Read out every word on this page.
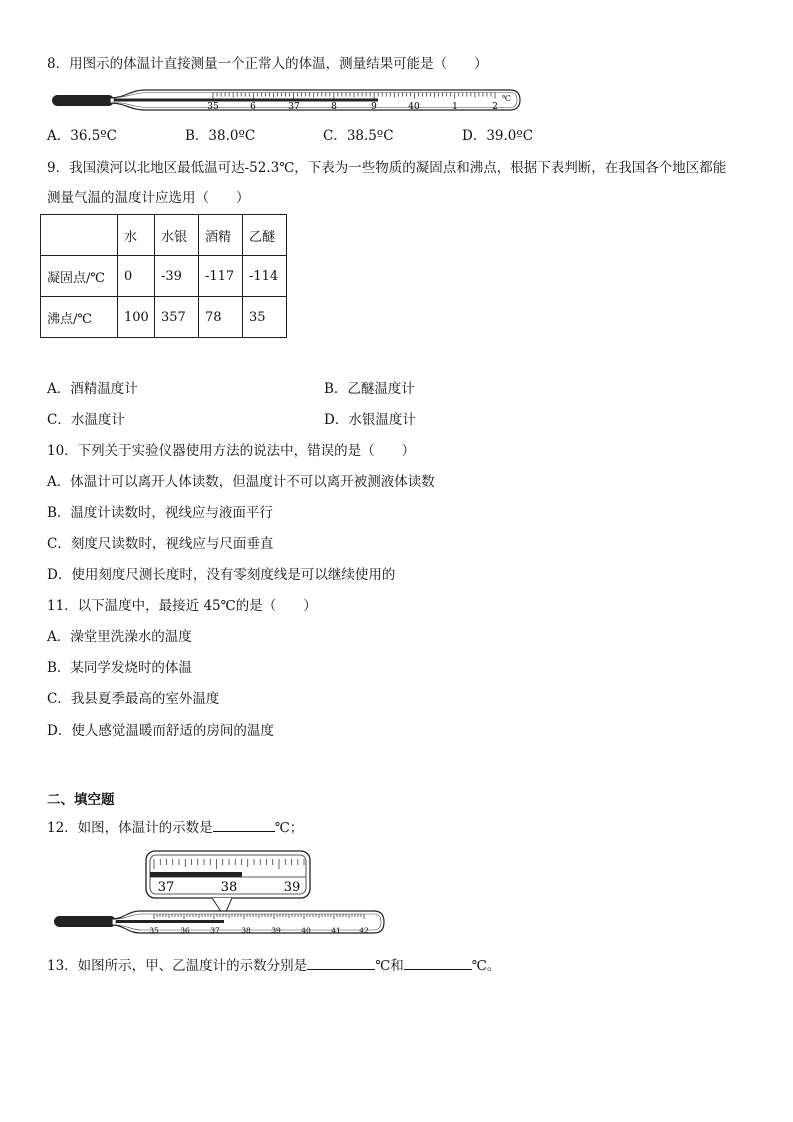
8．用图示的体温计直接测量一个正常人的体温，测量结果可能是（　　）
35	6	37	8	9	40	1	2
℃
A．36.5ºC	B．38.0ºC	C．38.5ºC	D．39.0ºC
9．我国漠河以北地区最低温可达-52.3℃，下表为一些物质的凝固点和沸点，根据下表判断，在我国各个地区都能
测量气温的温度计应选用（　　）
	水	水银	酒精	乙醚
凝固点/℃	0	-39	-117	-114
沸点/℃	100	357	78	35
A．酒精温度计	B．乙醚温度计
C．水温度计	D．水银温度计
10．下列关于实验仪器使用方法的说法中，错误的是（　　）
A．体温计可以离开人体读数，但温度计不可以离开被测液体读数
B．温度计读数时，视线应与液面平行
C．刻度尺读数时，视线应与尺面垂直
D．使用刻度尺测长度时，没有零刻度线是可以继续使用的
11．以下温度中，最接近 45℃的是（　　）
A．澡堂里洗澡水的温度
B．某同学发烧时的体温
C．我县夏季最高的室外温度
D．使人感觉温暖而舒适的房间的温度
二、填空题
12．如图，体温计的示数是	℃；
37	38	39
35	36	37	38	39	40	41 42
13．如图所示，甲、乙温度计的示数分别是	℃和	℃。
